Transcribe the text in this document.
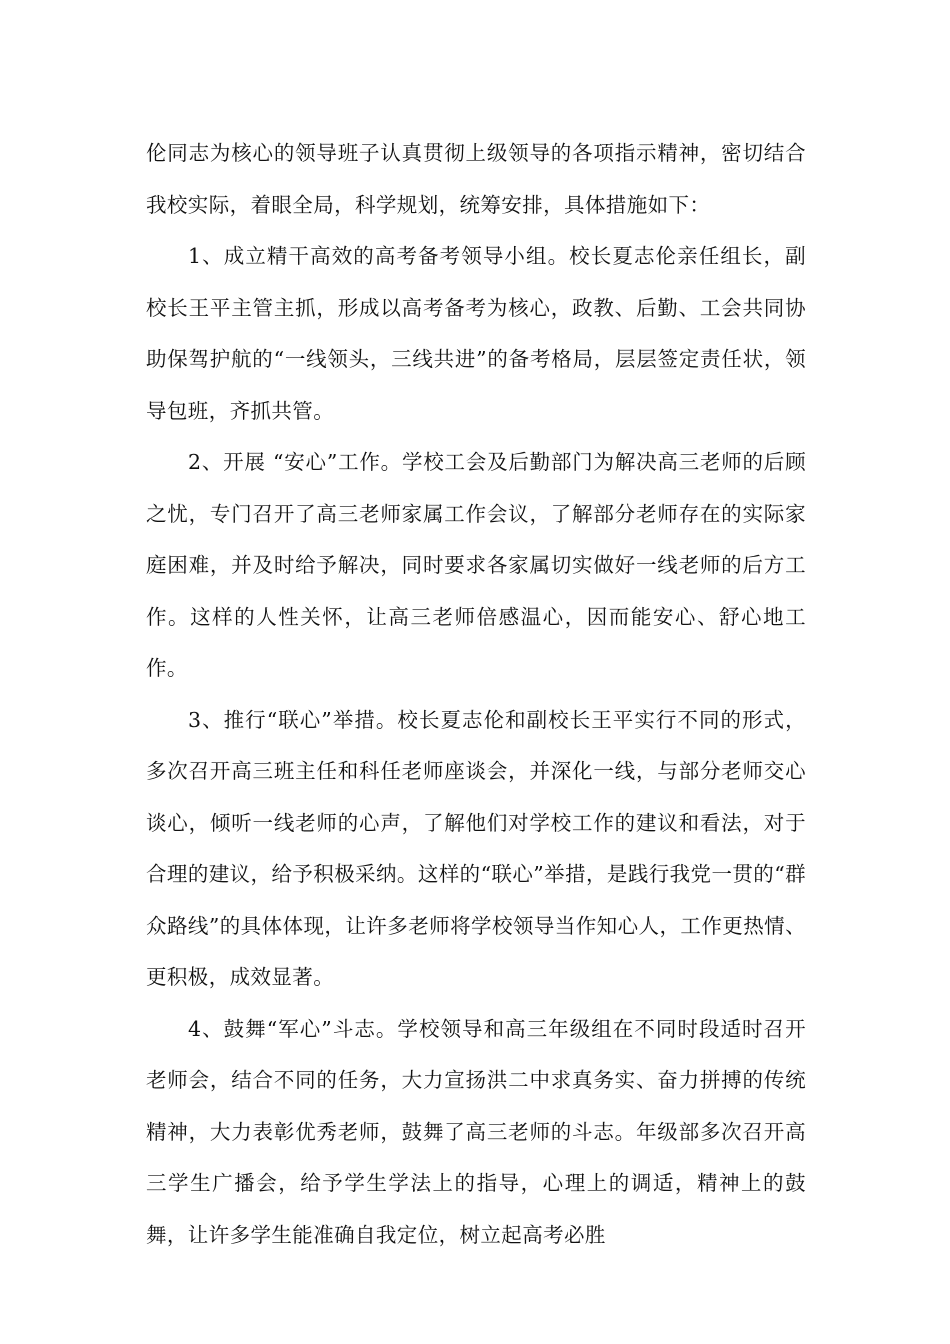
伦同志为核心的领导班子认真贯彻上级领导的各项指示精神，密切结合我校实际，着眼全局，科学规划，统筹安排，具体措施如下：

1、成立精干高效的高考备考领导小组。校长夏志伦亲任组长，副校长王平主管主抓，形成以高考备考为核心，政教、后勤、工会共同协助保驾护航的“一线领头，三线共进”的备考格局，层层签定责任状，领导包班，齐抓共管。

2、开展 “安心”工作。学校工会及后勤部门为解决高三老师的后顾之忧，专门召开了高三老师家属工作会议，了解部分老师存在的实际家庭困难，并及时给予解决，同时要求各家属切实做好一线老师的后方工作。这样的人性关怀，让高三老师倍感温心，因而能安心、舒心地工作。

3、推行“联心”举措。校长夏志伦和副校长王平实行不同的形式，多次召开高三班主任和科任老师座谈会，并深化一线，与部分老师交心谈心，倾听一线老师的心声，了解他们对学校工作的建议和看法，对于合理的建议，给予积极采纳。这样的“联心”举措，是践行我党一贯的“群众路线”的具体体现，让许多老师将学校领导当作知心人，工作更热情、更积极，成效显著。

4、鼓舞“军心”斗志。学校领导和高三年级组在不同时段适时召开老师会，结合不同的任务，大力宣扬洪二中求真务实、奋力拼搏的传统精神，大力表彰优秀老师，鼓舞了高三老师的斗志。年级部多次召开高三学生广播会，给予学生学法上的指导，心理上的调适，精神上的鼓舞，让许多学生能准确自我定位，树立起高考必胜
